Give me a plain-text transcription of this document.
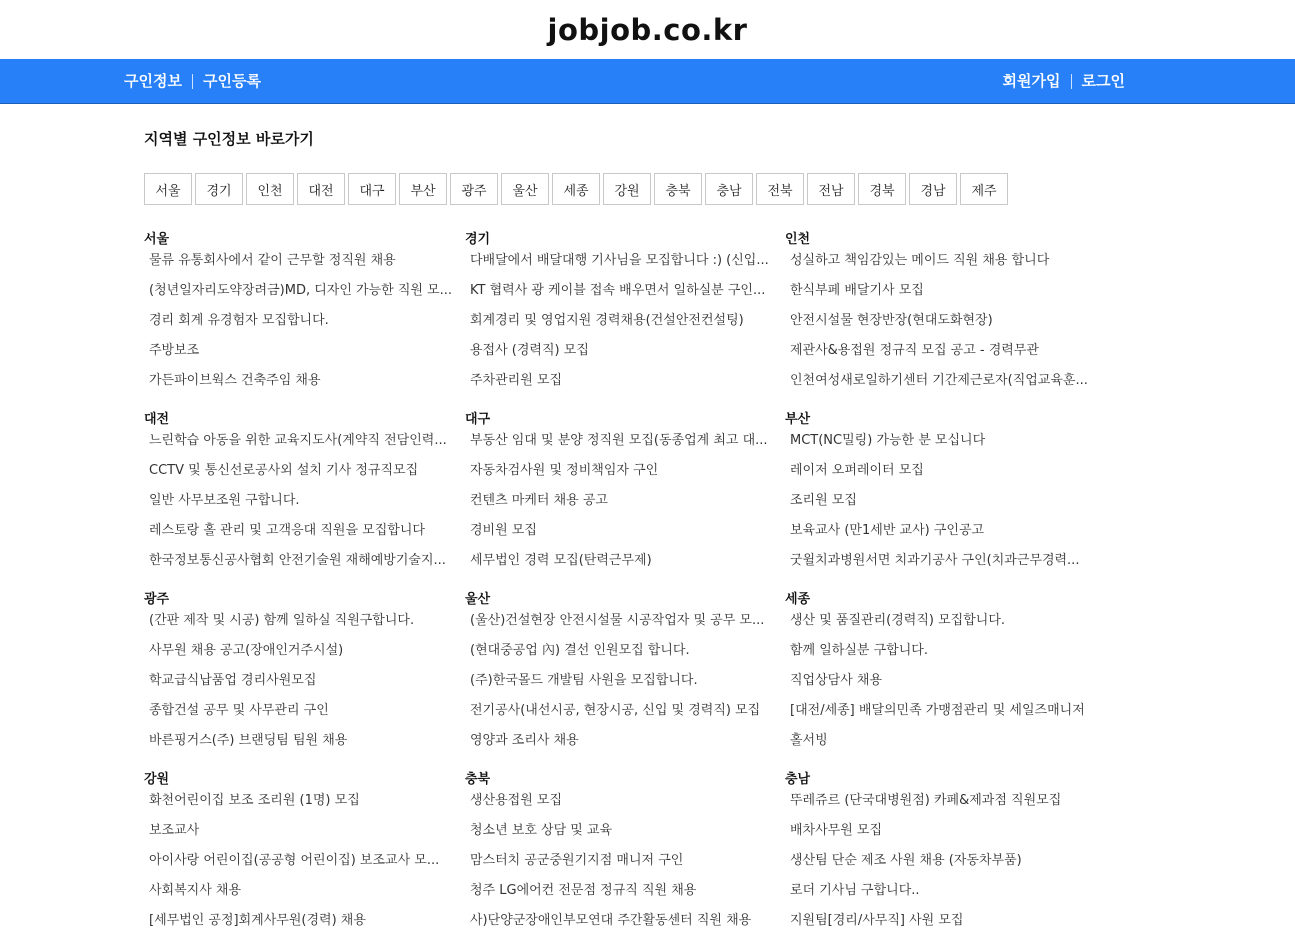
jobjob.co.kr
구인정보	구인등록	회원가입	로그인
지역별 구인정보 바로가기
서울	경기	인천	대전	대구	부산	광주	울산	세종	강원	충북	충남	전북	전남	경북	경남	제주
서울
물류 유통회사에서 같이 근무할 정직원 채용
(청년일자리도약장려금)MD, 디자인 가능한 직원 모...
경리 회계 유경험자 모집합니다.
주방보조
가든파이브웍스 건축주임 채용
경기
다배달에서 배달대행 기사님을 모집합니다 :) (신입...
KT 협력사 광 케이블 접속 배우면서 일하실분 구인...
회계경리 및 영업지원 경력채용(건설안전컨설팅)
용접사 (경력직) 모집
주차관리원 모집
인천
성실하고 책임감있는 메이드 직원 채용 합니다
한식부페 배달기사 모집
안전시설물 현장반장(현대도화현장)
제관사&용접원 정규직 모집 공고 - 경력무관
인천여성새로일하기센터 기간제근로자(직업교육훈...
대전
느린학습 아동을 위한 교육지도사(계약직 전담인력...
CCTV 및 통신선로공사외 설치 기사 정규직모집
일반 사무보조원 구합니다.
레스토랑 홀 관리 및 고객응대 직원을 모집합니다
한국정보통신공사협회 안전기술원 재해예방기술지...
대구
부동산 임대 및 분양 정직원 모집(동종업계 최고 대...
자동차검사원 및 정비책임자 구인
컨텐츠 마케터 채용 공고
경비원 모집
세무법인 경력 모집(탄력근무제)
부산
MCT(NC밀링) 가능한 분 모십니다
레이저 오퍼레이터 모집
조리원 모집
보육교사 (만1세반 교사) 구인공고
굿윌치과병원서면 치과기공사 구인(치과근무경력...
광주
(간판 제작 및 시공) 함께 일하실 직원구합니다.
사무원 채용 공고(장애인거주시설)
학교급식납품업 경리사원모집
종합건설 공무 및 사무관리 구인
바른핑거스(주) 브랜딩팀 팀원 채용
울산
(울산)건설현장 안전시설물 시공작업자 및 공무 모...
(현대중공업 內) 결선 인원모집 합니다.
(주)한국몰드 개발팀 사원을 모집합니다.
전기공사(내선시공, 현장시공, 신입 및 경력직) 모집
영양과 조리사 채용
세종
생산 및 품질관리(경력직) 모집합니다.
함께 일하실분 구합니다.
직업상담사 채용
[대전/세종] 배달의민족 가맹점관리 및 세일즈매니저
홀서빙
강원
화천어린이집 보조 조리원 (1명) 모집
보조교사
아이사랑 어린이집(공공형 어린이집) 보조교사 모...
사회복지사 채용
[세무법인 공정]회계사무원(경력) 채용
충북
생산용접원 모집
청소년 보호 상담 및 교육
맘스터치 공군중원기지점 매니저 구인
청주 LG에어컨 전문점 정규직 직원 채용
사)단양군장애인부모연대 주간활동센터 직원 채용
충남
뚜레쥬르 (단국대병원점) 카페&제과점 직원모집
배차사무원 모집
생산팀 단순 제조 사원 채용 (자동차부품)
로더 기사님 구합니다..
지원팀[경리/사무직] 사원 모집
